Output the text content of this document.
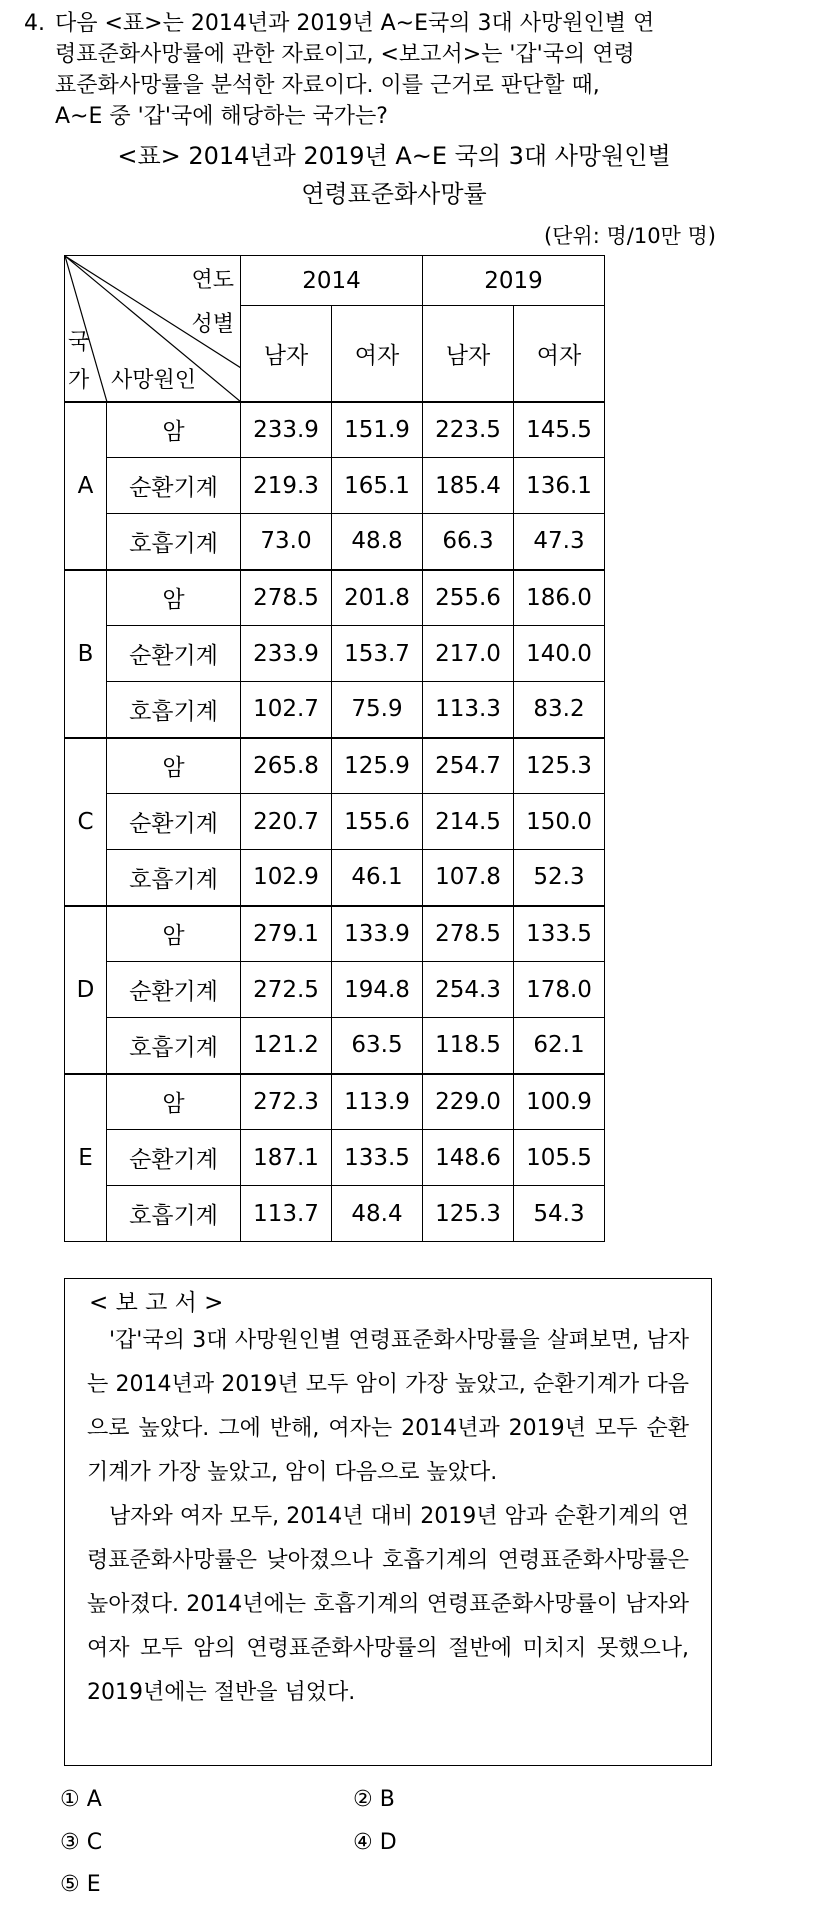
4. 다음 <표>는 2014년과 2019년 A~E국의 3대 사망원인별 연
령표준화사망률에 관한 자료이고, <보고서>는 '갑'국의 연령
표준화사망률을 분석한 자료이다. 이를 근거로 판단할 때,
A~E 중 '갑'국에 해당하는 국가는?
<표> 2014년과 2019년 A~E 국의 3대 사망원인별
연령표준화사망률
(단위: 명/10만 명)
연도
성별
국
가 사망원인		2014		2019	
		남자	여자	남자	여자
A	암	233.9	151.9	223.5	145.5
	순환기계	219.3	165.1	185.4	136.1
	호흡기계	73.0	48.8	66.3	47.3
B	암	278.5	201.8	255.6	186.0
	순환기계	233.9	153.7	217.0	140.0
	호흡기계	102.7	75.9	113.3	83.2
C	암	265.8	125.9	254.7	125.3
	순환기계	220.7	155.6	214.5	150.0
	호흡기계	102.9	46.1	107.8	52.3
D	암	279.1	133.9	278.5	133.5
	순환기계	272.5	194.8	254.3	178.0
	호흡기계	121.2	63.5	118.5	62.1
E	암	272.3	113.9	229.0	100.9
	순환기계	187.1	133.5	148.6	105.5
	호흡기계	113.7	48.4	125.3	54.3
< 보 고 서 >

'갑'국의 3대 사망원인별 연령표준화사망률을 살펴보면, 남자는 2014년과 2019년 모두 암이 가장 높았고, 순환기계가 다음으로 높았다. 그에 반해, 여자는 2014년과 2019년 모두 순환기계가 가장 높았고, 암이 다음으로 높았다.

남자와 여자 모두, 2014년 대비 2019년 암과 순환기계의 연령표준화사망률은 낮아졌으나 호흡기계의 연령표준화사망률은 높아졌다. 2014년에는 호흡기계의 연령표준화사망률이 남자와 여자 모두 암의 연령표준화사망률의 절반에 미치지 못했으나, 2019년에는 절반을 넘었다.

① A	② B
③ C	④ D
⑤ E
